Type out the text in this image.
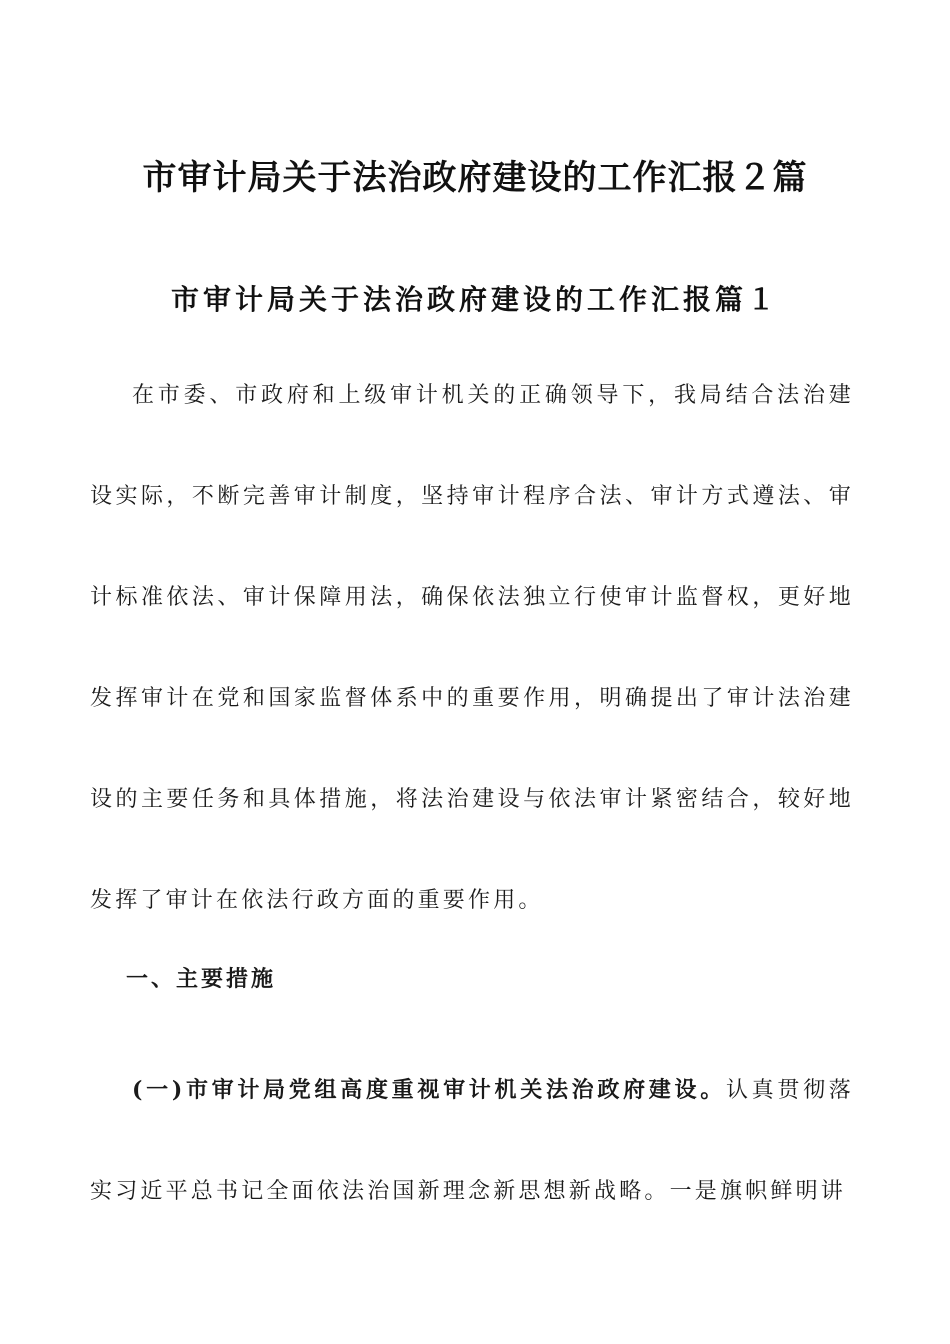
市审计局关于法治政府建设的工作汇报２篇
市审计局关于法治政府建设的工作汇报篇１
在市委、市政府和上级审计机关的正确领导下，我局结合法治建设实际，不断完善审计制度，坚持审计程序合法、审计方式遵法、审计标准依法、审计保障用法，确保依法独立行使审计监督权，更好地发挥审计在党和国家监督体系中的重要作用，明确提出了审计法治建设的主要任务和具体措施，将法治建设与依法审计紧密结合，较好地发挥了审计在依法行政方面的重要作用。
一、主要措施
(一)市审计局党组高度重视审计机关法治政府建设。认真贯彻落实习近平总书记全面依法治国新理念新思想新战略。一是旗帜鲜明讲
